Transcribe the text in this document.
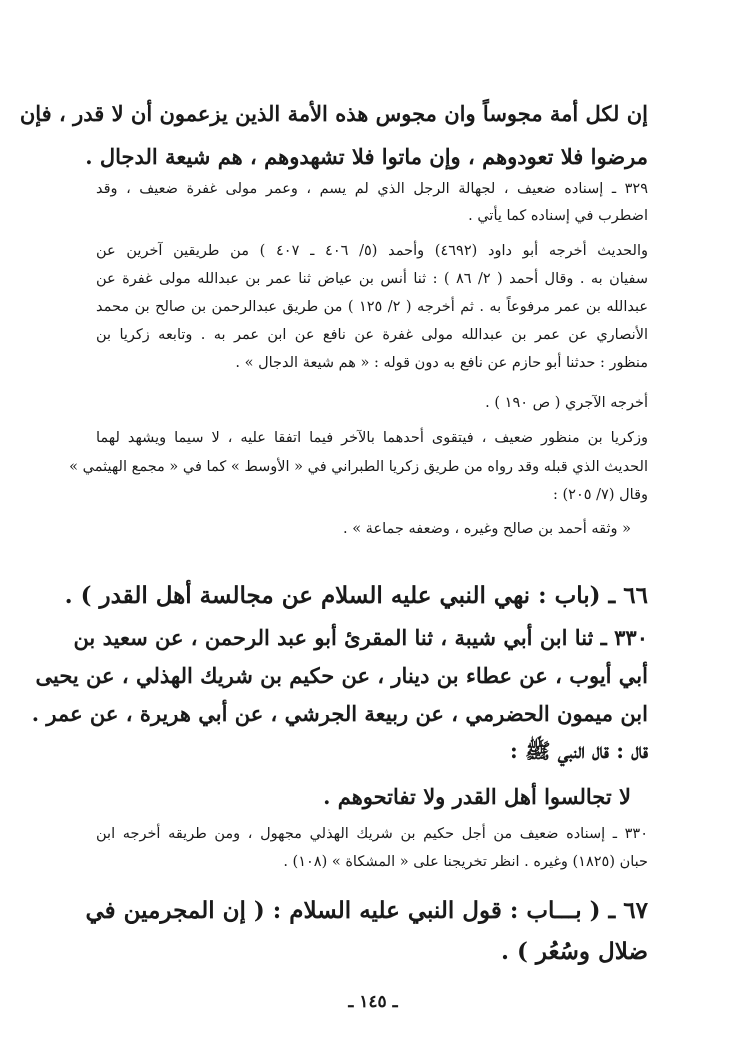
إن لكل أمة مجوساً وان مجوس هذه الأمة الذين يزعمون أن لا قدر ، فإن
مرضوا فلا تعودوهم ، وإن ماتوا فلا تشهدوهم ، هم شيعة الدجال .
٣٢٩ ـ إسناده ضعيف ، لجهالة الرجل الذي لم يسم ، وعمر مولى غفرة ضعيف ، وقد
اضطرب في إسناده كما يأتي .
والحديث أخرجه أبو داود (٤٦٩٢) وأحمد (٥/ ٤٠٦ ـ ٤٠٧ ) من طريقين آخرين عن
سفيان به . وقال أحمد ( ٢/ ٨٦ ) : ثنا أنس بن عياض ثنا عمر بن عبدالله مولى غفرة عن
عبدالله بن عمر مرفوعاً به . ثم أخرجه ( ٢/ ١٢٥ ) من طريق عبدالرحمن بن صالح بن محمد
الأنصاري عن عمر بن عبدالله مولى غفرة عن نافع عن ابن عمر به . وتابعه زكريا بن
منظور : حدثنا أبو حازم عن نافع به دون قوله : « هم شيعة الدجال » .
أخرجه الآجري ( ص ١٩٠ ) .
وزكريا بن منظور ضعيف ، فيتقوى أحدهما بالآخر فيما اتفقا عليه ، لا سيما ويشهد لهما
الحديث الذي قبله وقد رواه من طريق زكريا الطبراني في « الأوسط » كما في « مجمع الهيثمي »
وقال (٧/ ٢٠٥) :
« وثقه أحمد بن صالح وغيره ، وضعفه جماعة » .
٦٦ ـ (باب : نهي النبي عليه السلام عن مجالسة أهل القدر ) .
٣٣٠ ـ ثنا ابن أبي شيبة ، ثنا المقرئ أبو عبد الرحمن ، عن سعيد بن
أبي أيوب ، عن عطاء بن دينار ، عن حكيم بن شريك الهذلي ، عن يحيى
ابن ميمون الحضرمي ، عن ربيعة الجرشي ، عن أبي هريرة ، عن عمر .
قال : قال النبي ﷺ :
لا تجالسوا أهل القدر ولا تفاتحوهم .
٣٣٠ ـ إسناده ضعيف من أجل حكيم بن شريك الهذلي مجهول ، ومن طريقه أخرجه ابن
حبان (١٨٢٥) وغيره . انظر تخريجنا على « المشكاة » (١٠٨) .
٦٧ ـ ( بـــاب : قول النبي عليه السلام : ( إن المجرمين في
ضلال وسُعُر ) .
ـ ١٤٥ ـ
